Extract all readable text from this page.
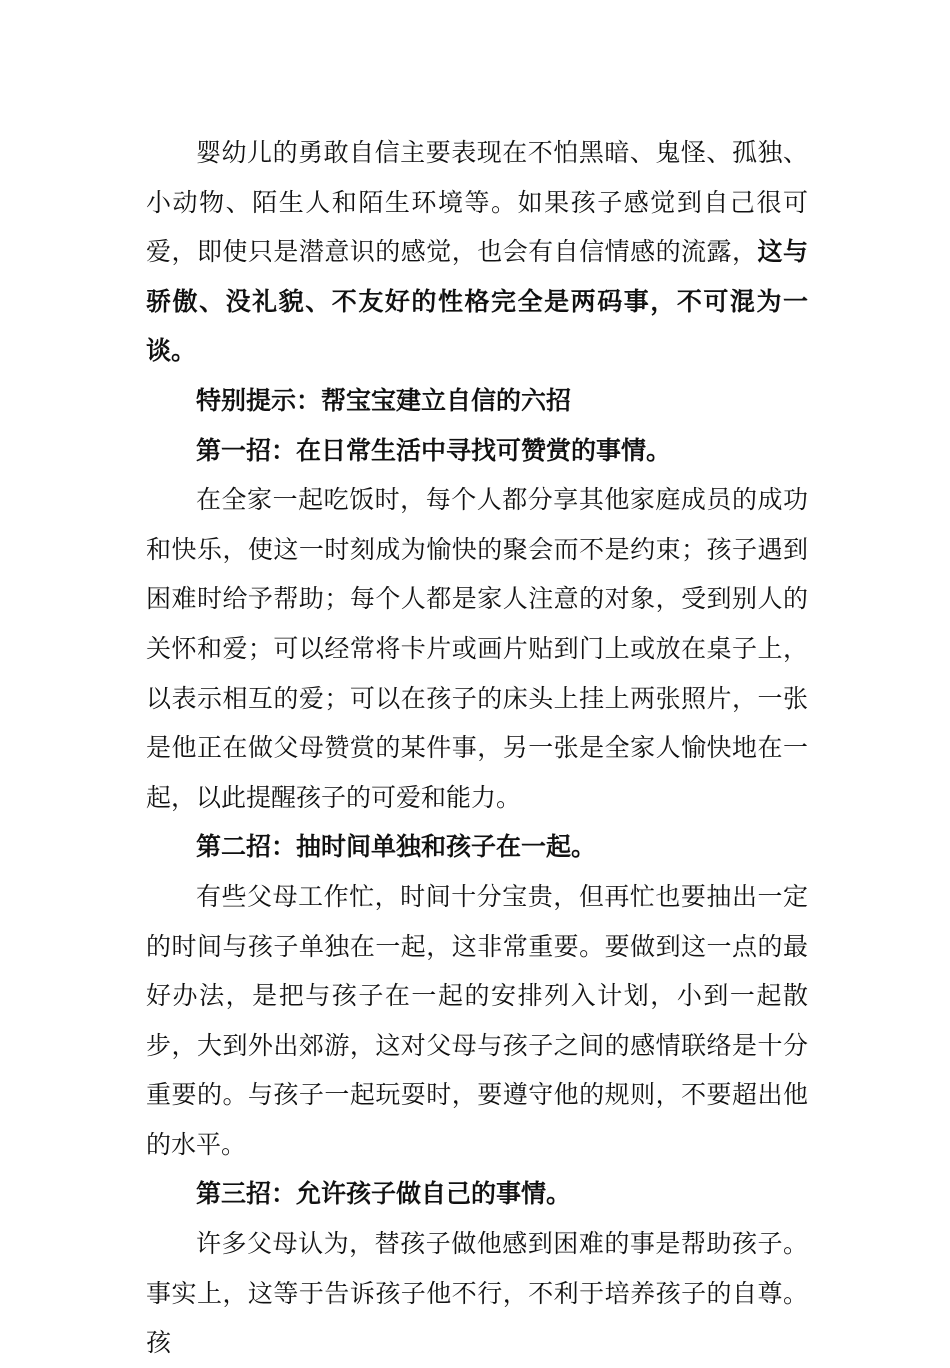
婴幼儿的勇敢自信主要表现在不怕黑暗、鬼怪、孤独、小动物、陌生人和陌生环境等。如果孩子感觉到自己很可爱，即使只是潜意识的感觉，也会有自信情感的流露，这与骄傲、没礼貌、不友好的性格完全是两码事，不可混为一谈。

特别提示：帮宝宝建立自信的六招

第一招：在日常生活中寻找可赞赏的事情。

在全家一起吃饭时，每个人都分享其他家庭成员的成功和快乐，使这一时刻成为愉快的聚会而不是约束；孩子遇到困难时给予帮助；每个人都是家人注意的对象，受到别人的关怀和爱；可以经常将卡片或画片贴到门上或放在桌子上，以表示相互的爱；可以在孩子的床头上挂上两张照片，一张是他正在做父母赞赏的某件事，另一张是全家人愉快地在一起，以此提醒孩子的可爱和能力。

第二招：抽时间单独和孩子在一起。

有些父母工作忙，时间十分宝贵，但再忙也要抽出一定的时间与孩子单独在一起，这非常重要。要做到这一点的最好办法，是把与孩子在一起的安排列入计划，小到一起散步，大到外出郊游，这对父母与孩子之间的感情联络是十分重要的。与孩子一起玩耍时，要遵守他的规则，不要超出他的水平。

第三招：允许孩子做自己的事情。

许多父母认为，替孩子做他感到困难的事是帮助孩子。事实上，这等于告诉孩子他不行，不利于培养孩子的自尊。孩
